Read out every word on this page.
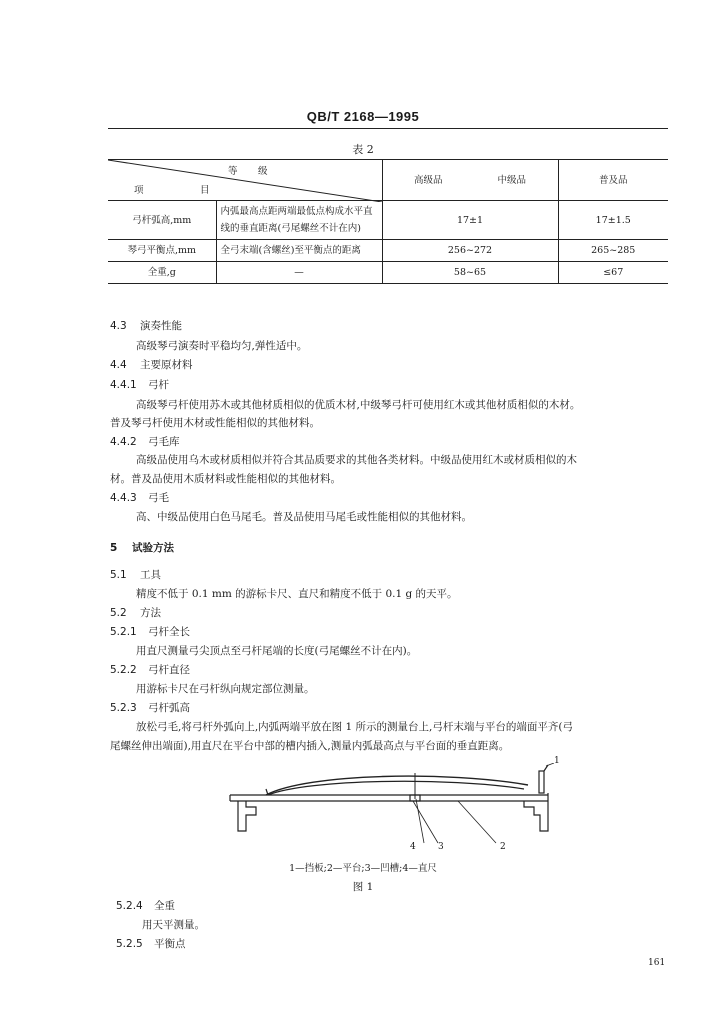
QB/T 2168—1995
表 2
等 级
项 目		高级品 中级品	普及品
弓杆弧高,mm	内弧最高点距两端最低点构成水平直线的垂直距离(弓尾螺丝不计在内)	17±1	17±1.5
琴弓平衡点,mm	全弓末端(含螺丝)至平衡点的距离	256~272	265~285
全重,g	—	58~65	≤67
4.3 演奏性能
高级琴弓演奏时平稳均匀,弹性适中。
4.4 主要原材料
4.4.1 弓杆
高级琴弓杆使用苏木或其他材质相似的优质木材,中级琴弓杆可使用红木或其他材质相似的木材。
普及琴弓杆使用木材或性能相似的其他材料。
4.4.2 弓毛库
高级品使用乌木或材质相似并符合其品质要求的其他各类材料。中级品使用红木或材质相似的木
材。普及品使用木质材料或性能相似的其他材料。
4.4.3 弓毛
高、中级品使用白色马尾毛。普及品使用马尾毛或性能相似的其他材料。
5 试验方法
5.1 工具
精度不低于 0.1 mm 的游标卡尺、直尺和精度不低于 0.1 g 的天平。
5.2 方法
5.2.1 弓杆全长
用直尺测量弓尖顶点至弓杆尾端的长度(弓尾螺丝不计在内)。
5.2.2 弓杆直径
用游标卡尺在弓杆纵向规定部位测量。
5.2.3 弓杆弧高
放松弓毛,将弓杆外弧向上,内弧两端平放在图 1 所示的测量台上,弓杆末端与平台的端面平齐(弓
尾螺丝伸出端面),用直尺在平台中部的槽内插入,测量内弧最高点与平台面的垂直距离。
1
2
3
4
1—挡板;2—平台;3—凹槽;4—直尺
图 1
5.2.4 全重
用天平测量。
5.2.5 平衡点
161
